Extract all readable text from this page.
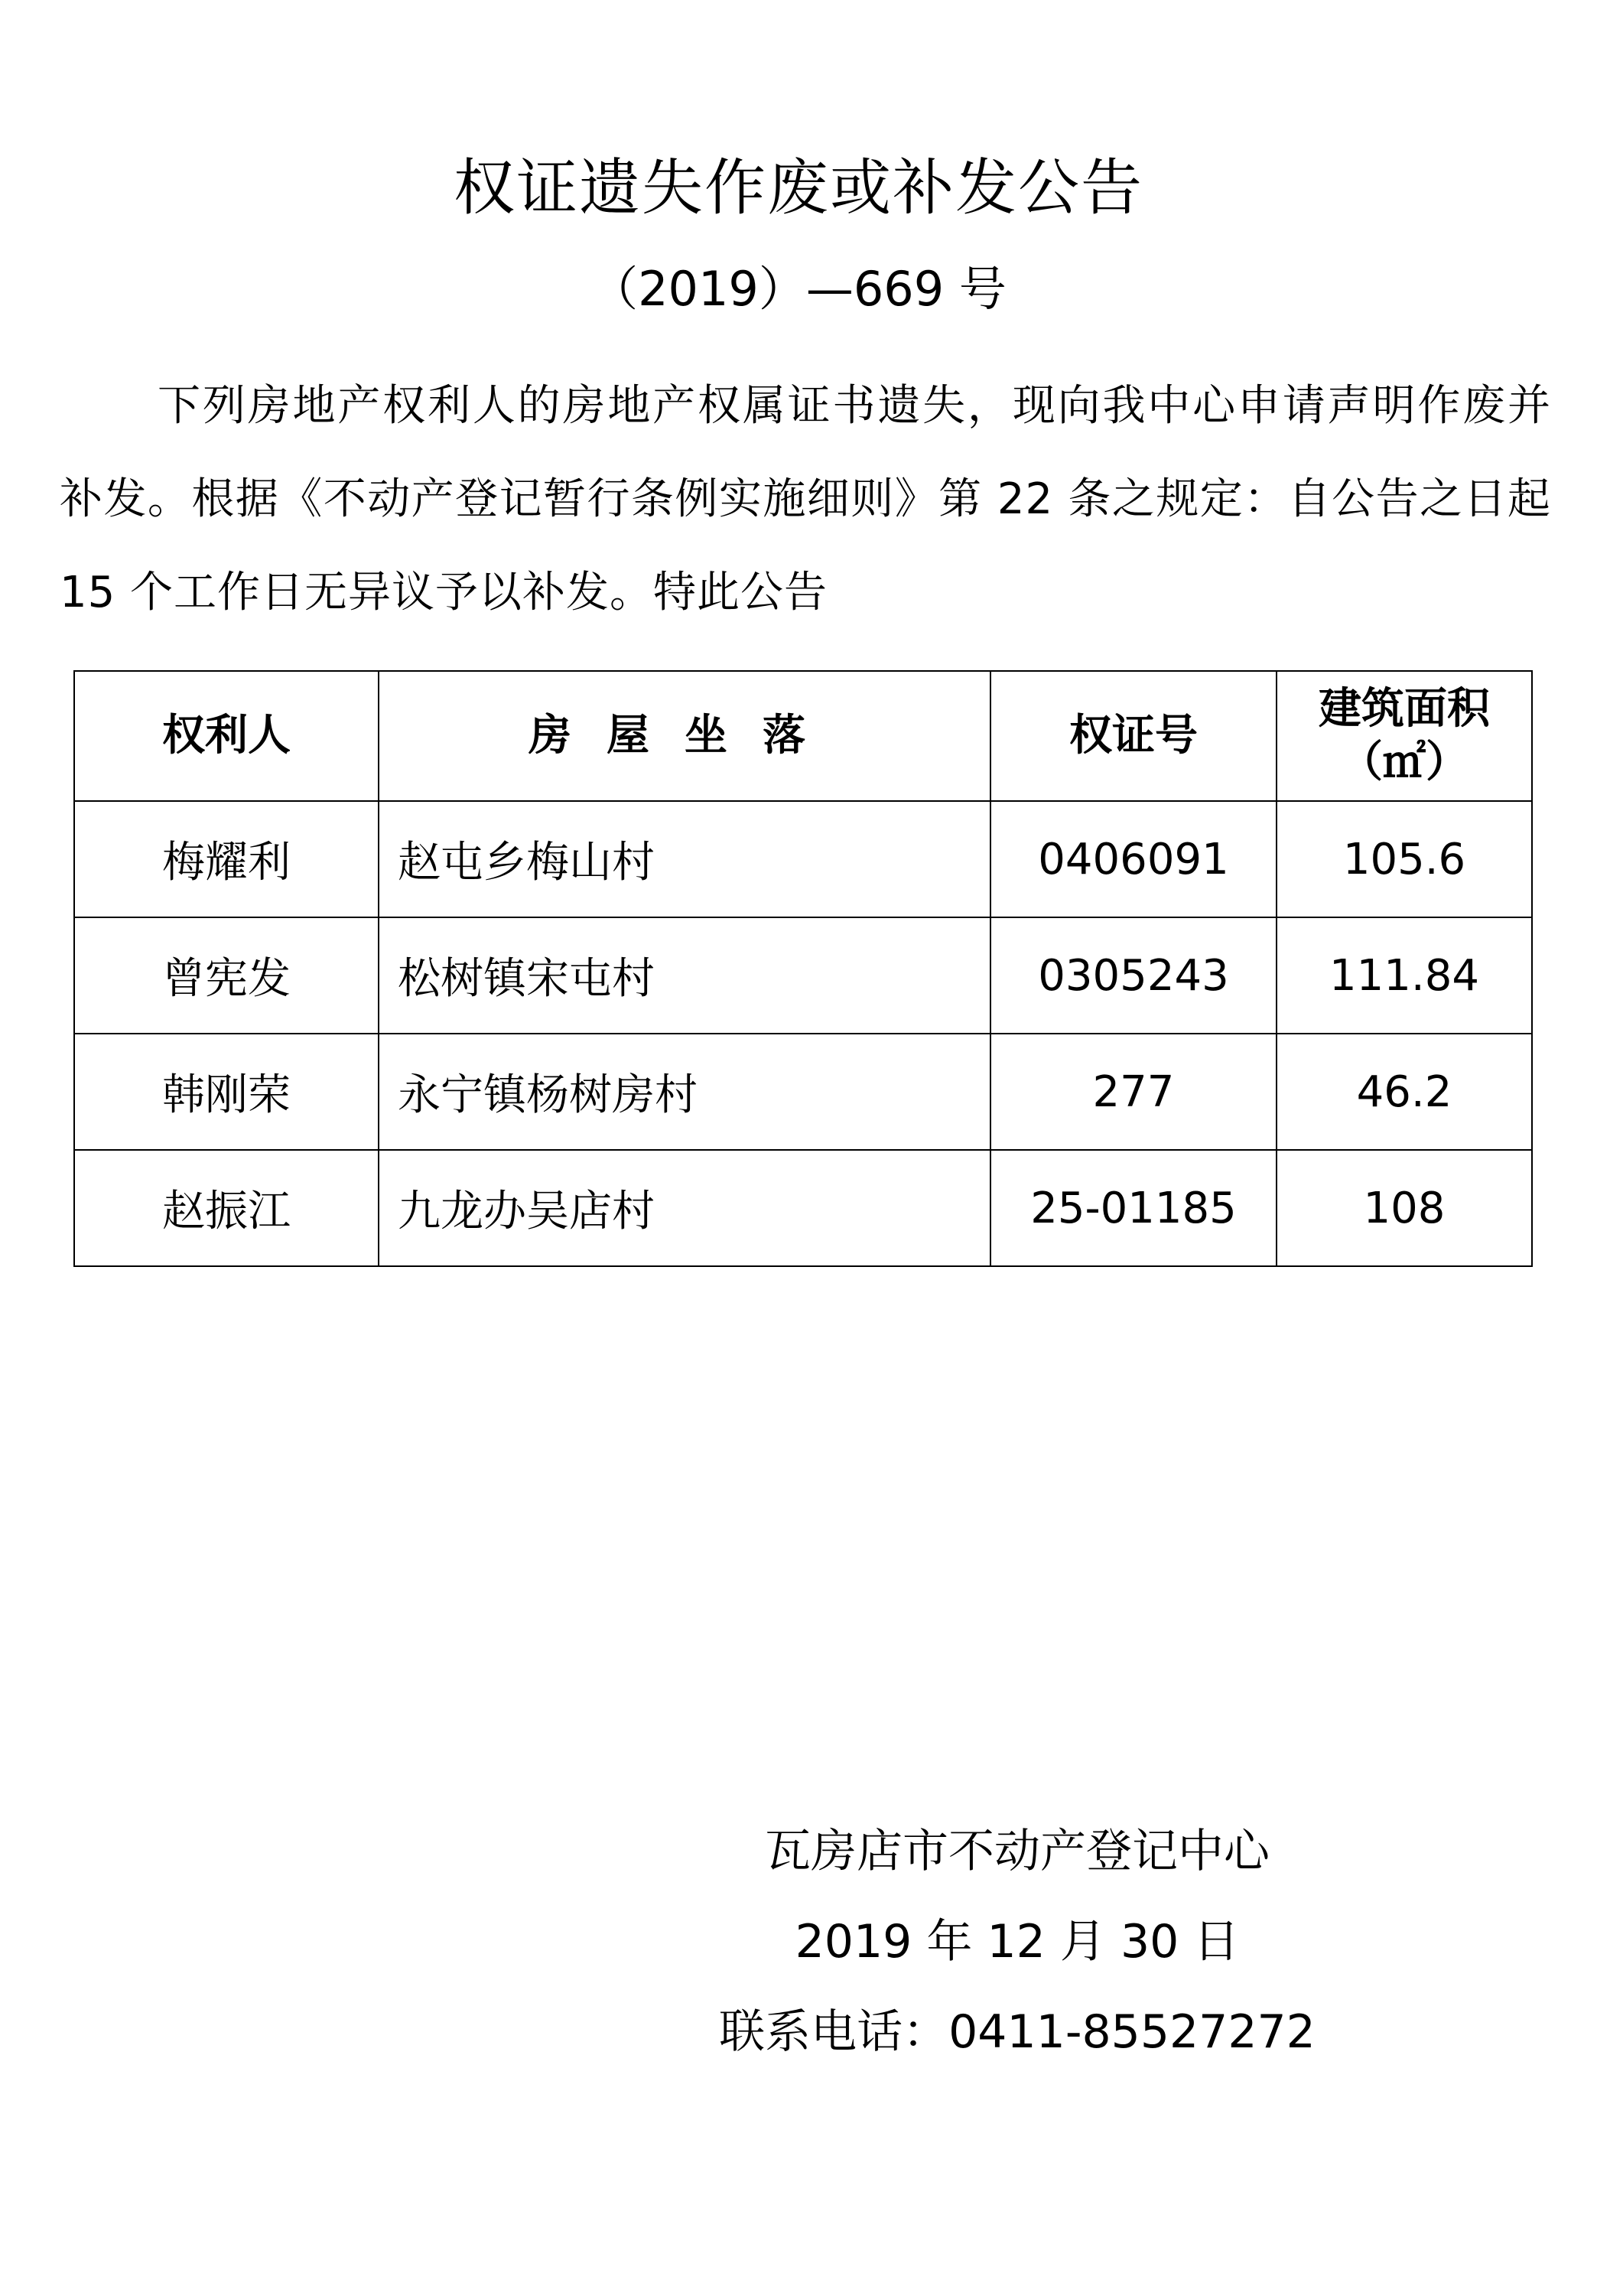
权证遗失作废或补发公告
（2019）—669 号
下列房地产权利人的房地产权属证书遗失，现向我中心申请声明作废并补发。根据《不动产登记暂行条例实施细则》第 22 条之规定：自公告之日起 15 个工作日无异议予以补发。特此公告
权利人	房屋坐落	权证号	建筑面积
（㎡）

梅耀利	赵屯乡梅山村	0406091	105.6
曾宪发	松树镇宋屯村	0305243	111.84
韩刚荣	永宁镇杨树房村	277	46.2
赵振江	九龙办吴店村	25-01185	108
瓦房店市不动产登记中心
2019 年 12 月 30 日
联系电话：0411-85527272
